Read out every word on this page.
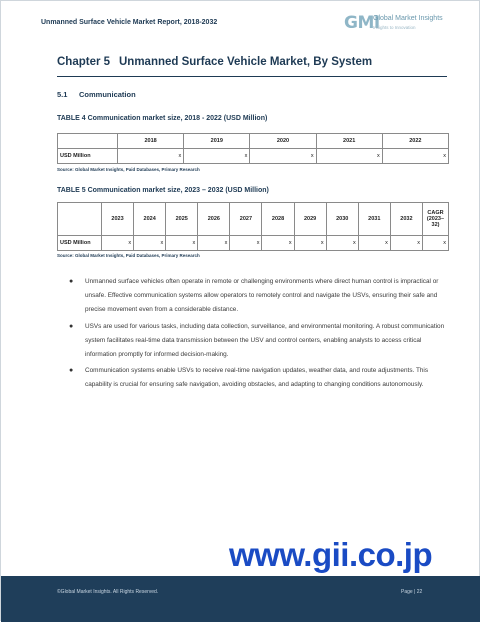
Unmanned Surface Vehicle Market Report, 2018-2032	GMI
Global Market Insights
Insights to Innovation
Chapter 5 Unmanned Surface Vehicle Market, By System
5.1 Communication
TABLE 4 Communication market size, 2018 - 2022 (USD Million)
	2018	2019	2020	2021	2022
USD Million	x	x	x	x	x
Source: Global Market Insights, Paid Databases, Primary Research
TABLE 5 Communication market size, 2023 – 2032 (USD Million)
	2023	2024	2025	2026	2027	2028	2029	2030	2031	2032	CAGR (2023–32)
USD Million	x	x	x	x	x	x	x	x	x	x	x
Source: Global Market Insights, Paid Databases, Primary Research
● Unmanned surface vehicles often operate in remote or challenging environments where direct human control is impractical or unsafe. Effective communication systems allow operators to remotely control and navigate the USVs, ensuring their safe and precise movement even from a considerable distance.
● USVs are used for various tasks, including data collection, surveillance, and environmental monitoring. A robust communication system facilitates real-time data transmission between the USV and control centers, enabling analysts to access critical information promptly for informed decision-making.
● Communication systems enable USVs to receive real-time navigation updates, weather data, and route adjustments. This capability is crucial for ensuring safe navigation, avoiding obstacles, and adapting to changing conditions autonomously.
www.gii.co.jp
©Global Market Insights. All Rights Reserved.	Page | 22
